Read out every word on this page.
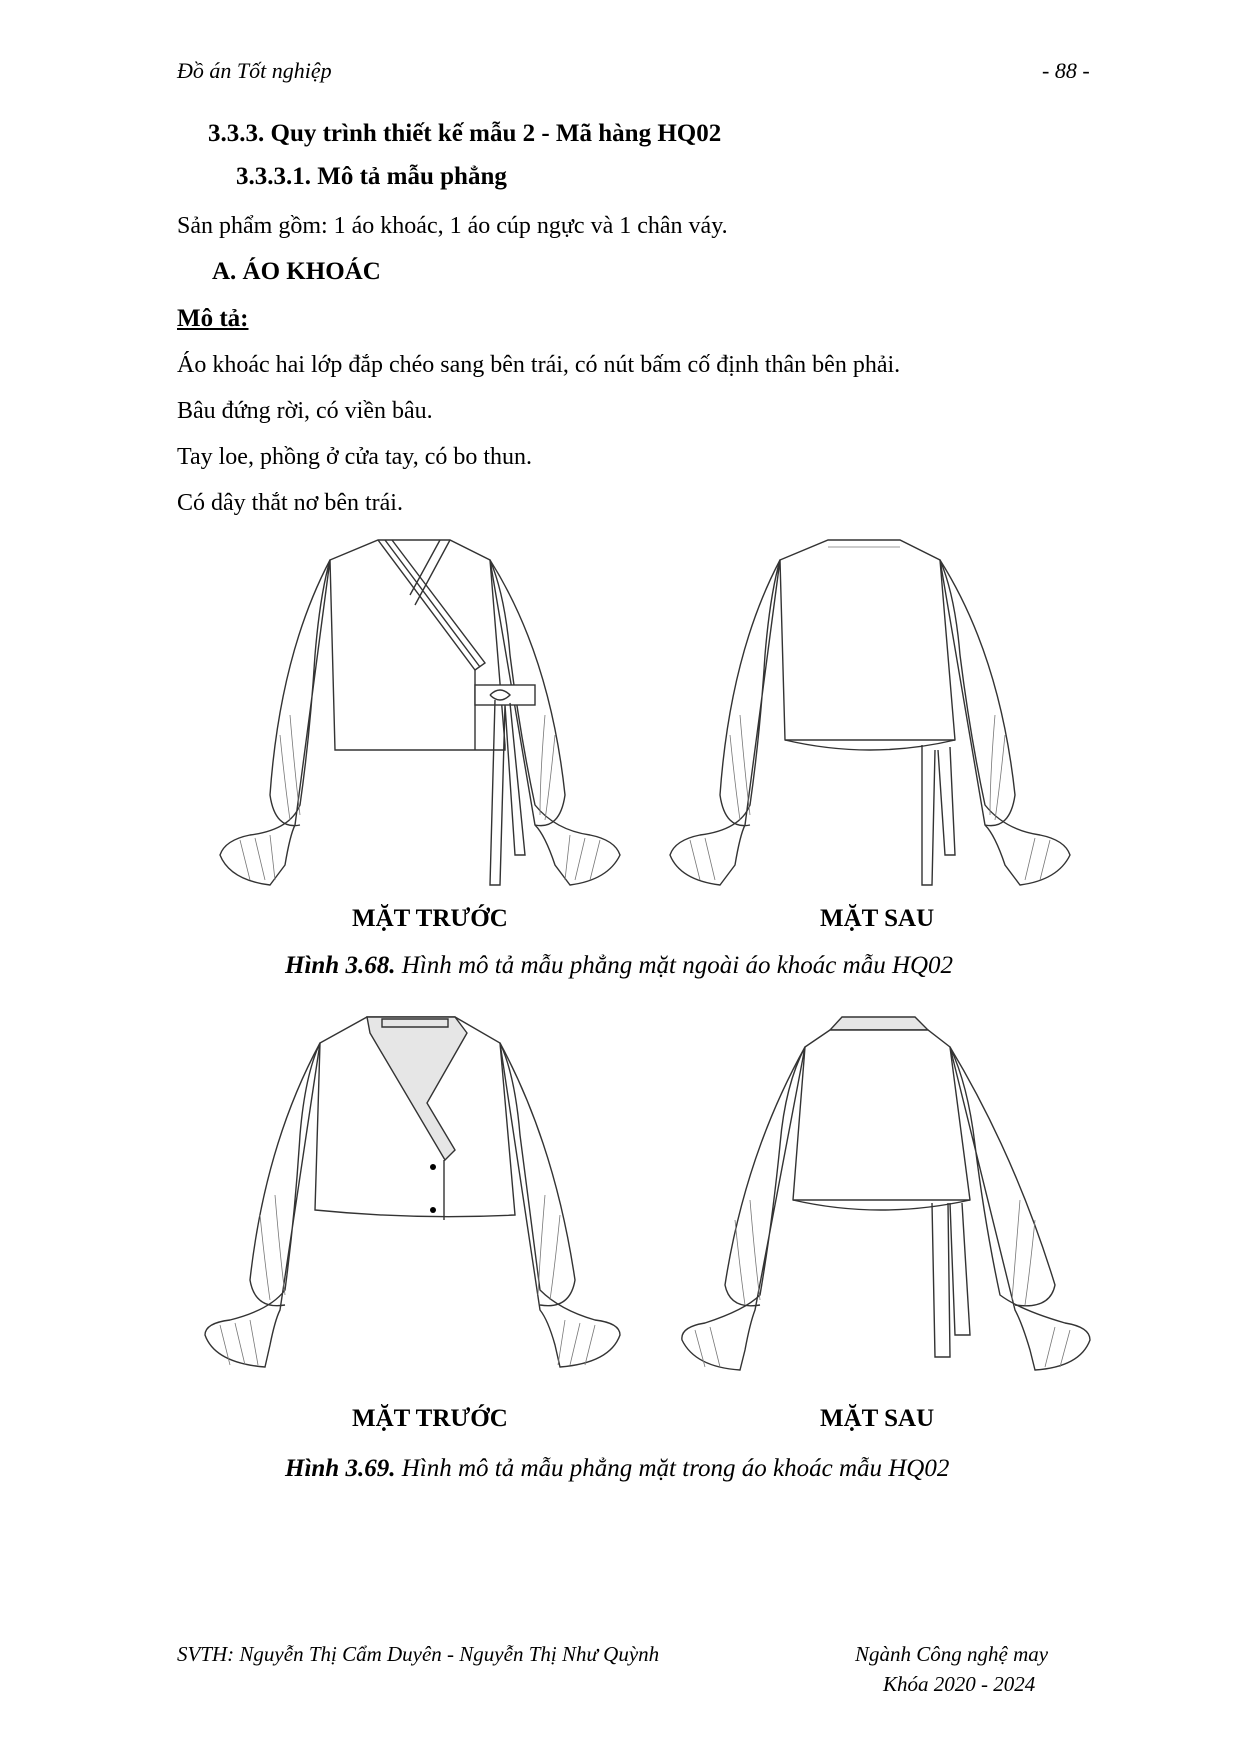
Đồ án Tốt nghiệp	- 88 -
3.3.3. Quy trình thiết kế mẫu 2 - Mã hàng HQ02
3.3.3.1. Mô tả mẫu phẳng
Sản phẩm gồm: 1 áo khoác, 1 áo cúp ngực và 1 chân váy.
A. ÁO KHOÁC
Mô tả:
Áo khoác hai lớp đắp chéo sang bên trái, có nút bấm cố định thân bên phải.
Bâu đứng rời, có viền bâu.
Tay loe, phồng ở cửa tay, có bo thun.
Có dây thắt nơ bên trái.
MẶT TRƯỚC	MẶT SAU
Hình 3.68. Hình mô tả mẫu phẳng mặt ngoài áo khoác mẫu HQ02
MẶT TRƯỚC	MẶT SAU
Hình 3.69. Hình mô tả mẫu phẳng mặt trong áo khoác mẫu HQ02
SVTH: Nguyễn Thị Cẩm Duyên - Nguyễn Thị Như Quỳnh	Ngành Công nghệ may
Khóa 2020 - 2024
